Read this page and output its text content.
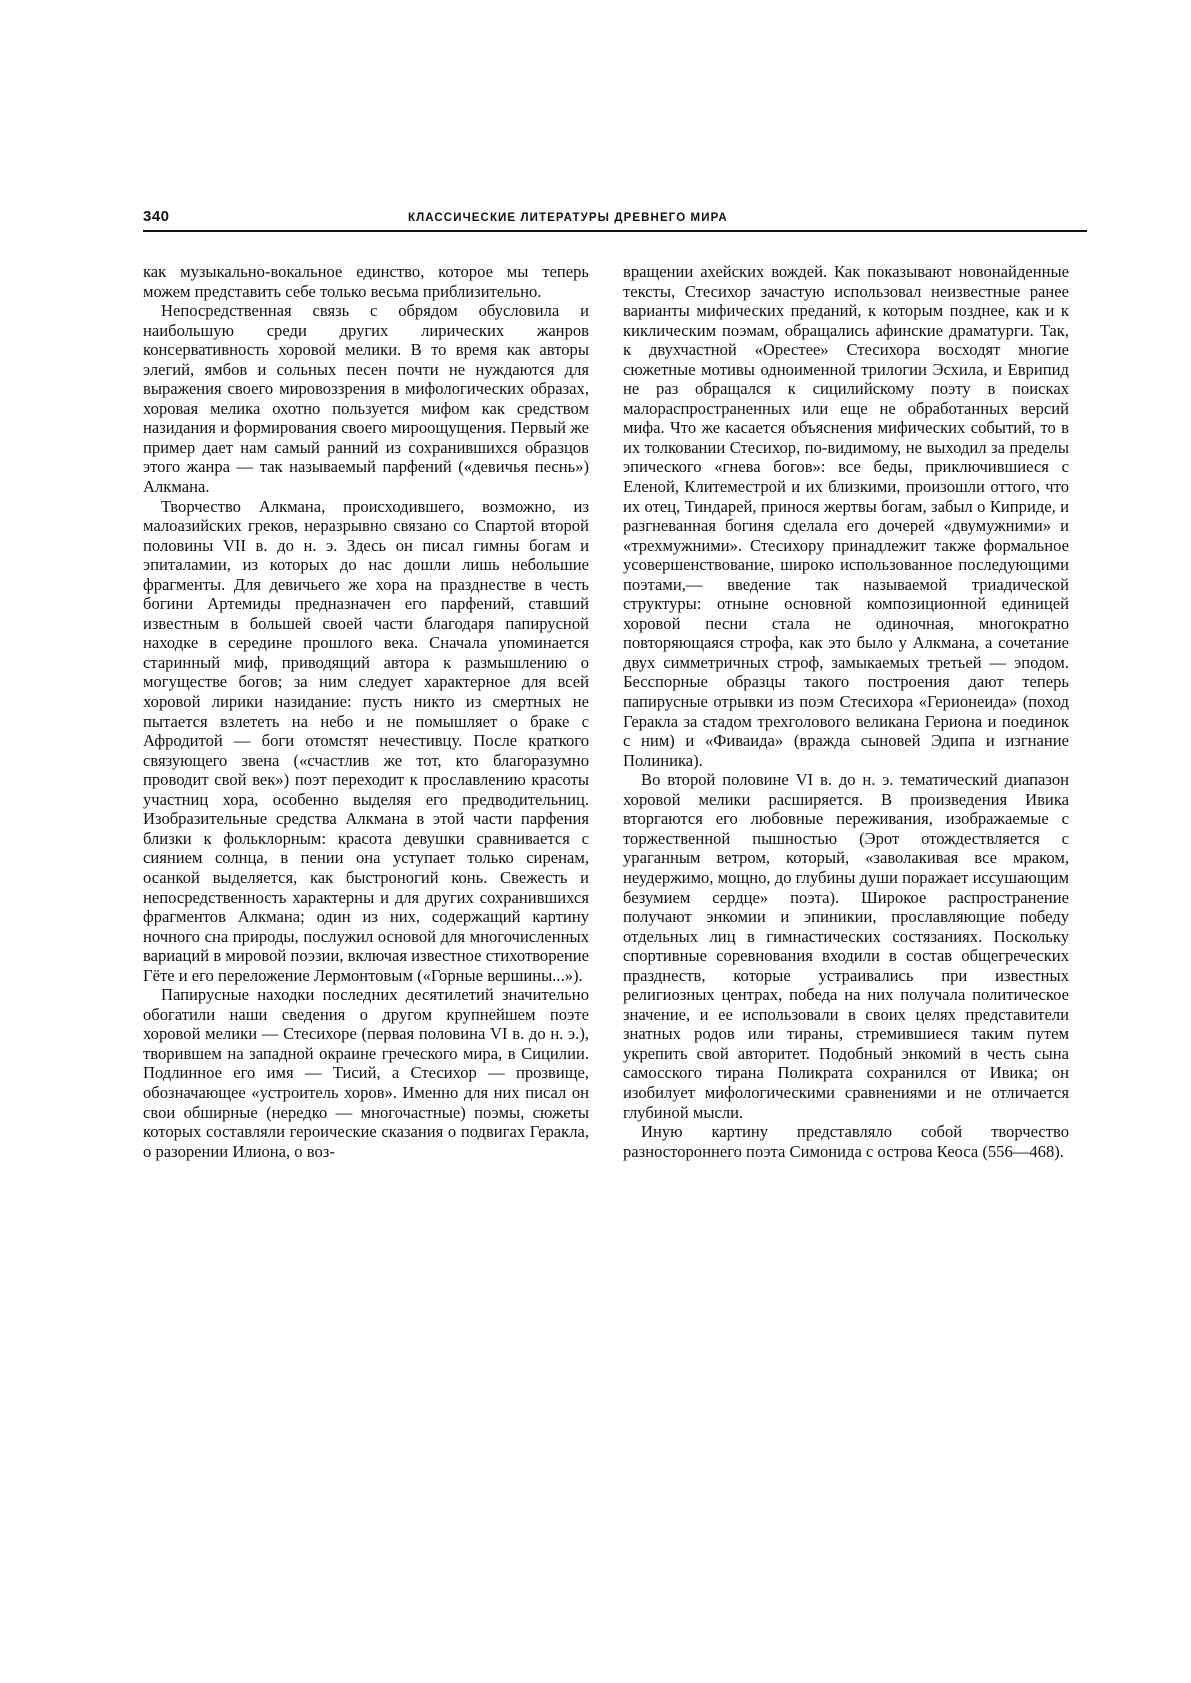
340	КЛАССИЧЕСКИЕ ЛИТЕРАТУРЫ ДРЕВНЕГО МИРА

как музыкально-вокальное единство, которое мы теперь можем представить себе только весьма приблизительно.

Непосредственная связь с обрядом обусловила и наибольшую среди других лирических жанров консервативность хоровой мелики. В то время как авторы элегий, ямбов и сольных песен почти не нуждаются для выражения своего мировоззрения в мифологических образах, хоровая мелика охотно пользуется мифом как средством назидания и формирования своего мироощущения. Первый же пример дает нам самый ранний из сохранившихся образцов этого жанра — так называемый парфений («девичья песнь») Алкмана.

Творчество Алкмана, происходившего, возможно, из малоазийских греков, неразрывно связано со Спартой второй половины VII в. до н. э. Здесь он писал гимны богам и эпиталамии, из которых до нас дошли лишь небольшие фрагменты. Для девичьего же хора на празднестве в честь богини Артемиды предназначен его парфений, ставший известным в большей своей части благодаря папирусной находке в середине прошлого века. Сначала упоминается старинный миф, приводящий автора к размышлению о могуществе богов; за ним следует характерное для всей хоровой лирики назидание: пусть никто из смертных не пытается взлететь на небо и не помышляет о браке с Афродитой — боги отомстят нечестивцу. После краткого связующего звена («счастлив же тот, кто благоразумно проводит свой век») поэт переходит к прославлению красоты участниц хора, особенно выделяя его предводительниц. Изобразительные средства Алкмана в этой части парфения близки к фольклорным: красота девушки сравнивается с сиянием солнца, в пении она уступает только сиренам, осанкой выделяется, как быстроногий конь. Свежесть и непосредственность характерны и для других сохранившихся фрагментов Алкмана; один из них, содержащий картину ночного сна природы, послужил основой для многочисленных вариаций в мировой поэзии, включая известное стихотворение Гёте и его переложение Лермонтовым («Горные вершины...»).

Папирусные находки последних десятилетий значительно обогатили наши сведения о другом крупнейшем поэте хоровой мелики — Стесихоре (первая половина VI в. до н. э.), творившем на западной окраине греческого мира, в Сицилии. Подлинное его имя — Тисий, а Стесихор — прозвище, обозначающее «устроитель хоров». Именно для них писал он свои обширные (нередко — многочастные) поэмы, сюжеты которых составляли героические сказания о подвигах Геракла, о разорении Илиона, о воз-

вращении ахейских вождей. Как показывают новонайденные тексты, Стесихор зачастую использовал неизвестные ранее варианты мифических преданий, к которым позднее, как и к киклическим поэмам, обращались афинские драматурги. Так, к двухчастной «Орестее» Стесихора восходят многие сюжетные мотивы одноименной трилогии Эсхила, и Еврипид не раз обращался к сицилийскому поэту в поисках малораспространенных или еще не обработанных версий мифа. Что же касается объяснения мифических событий, то в их толковании Стесихор, по-видимому, не выходил за пределы эпического «гнева богов»: все беды, приключившиеся с Еленой, Клитеместрой и их близкими, произошли оттого, что их отец, Тиндарей, принося жертвы богам, забыл о Киприде, и разгневанная богиня сделала его дочерей «двумужними» и «трехмужними». Стесихору принадлежит также формальное усовершенствование, широко использованное последующими поэтами,— введение так называемой триадической структуры: отныне основной композиционной единицей хоровой песни стала не одиночная, многократно повторяющаяся строфа, как это было у Алкмана, а сочетание двух симметричных строф, замыкаемых третьей — эподом. Бесспорные образцы такого построения дают теперь папирусные отрывки из поэм Стесихора «Герионеида» (поход Геракла за стадом трехголового великана Гериона и поединок с ним) и «Фиваида» (вражда сыновей Эдипа и изгнание Полиника).

Во второй половине VI в. до н. э. тематический диапазон хоровой мелики расширяется. В произведения Ивика вторгаются его любовные переживания, изображаемые с торжественной пышностью (Эрот отождествляется с ураганным ветром, который, «заволакивая все мраком, неудержимо, мощно, до глубины души поражает иссушающим безумием сердце» поэта). Широкое распространение получают энкомии и эпиникии, прославляющие победу отдельных лиц в гимнастических состязаниях. Поскольку спортивные соревнования входили в состав общегреческих празднеств, которые устраивались при известных религиозных центрах, победа на них получала политическое значение, и ее использовали в своих целях представители знатных родов или тираны, стремившиеся таким путем укрепить свой авторитет. Подобный энкомий в честь сына самосского тирана Поликрата сохранился от Ивика; он изобилует мифологическими сравнениями и не отличается глубиной мысли.

Иную картину представляло собой творчество разностороннего поэта Симонида с острова Кеоса (556—468).
